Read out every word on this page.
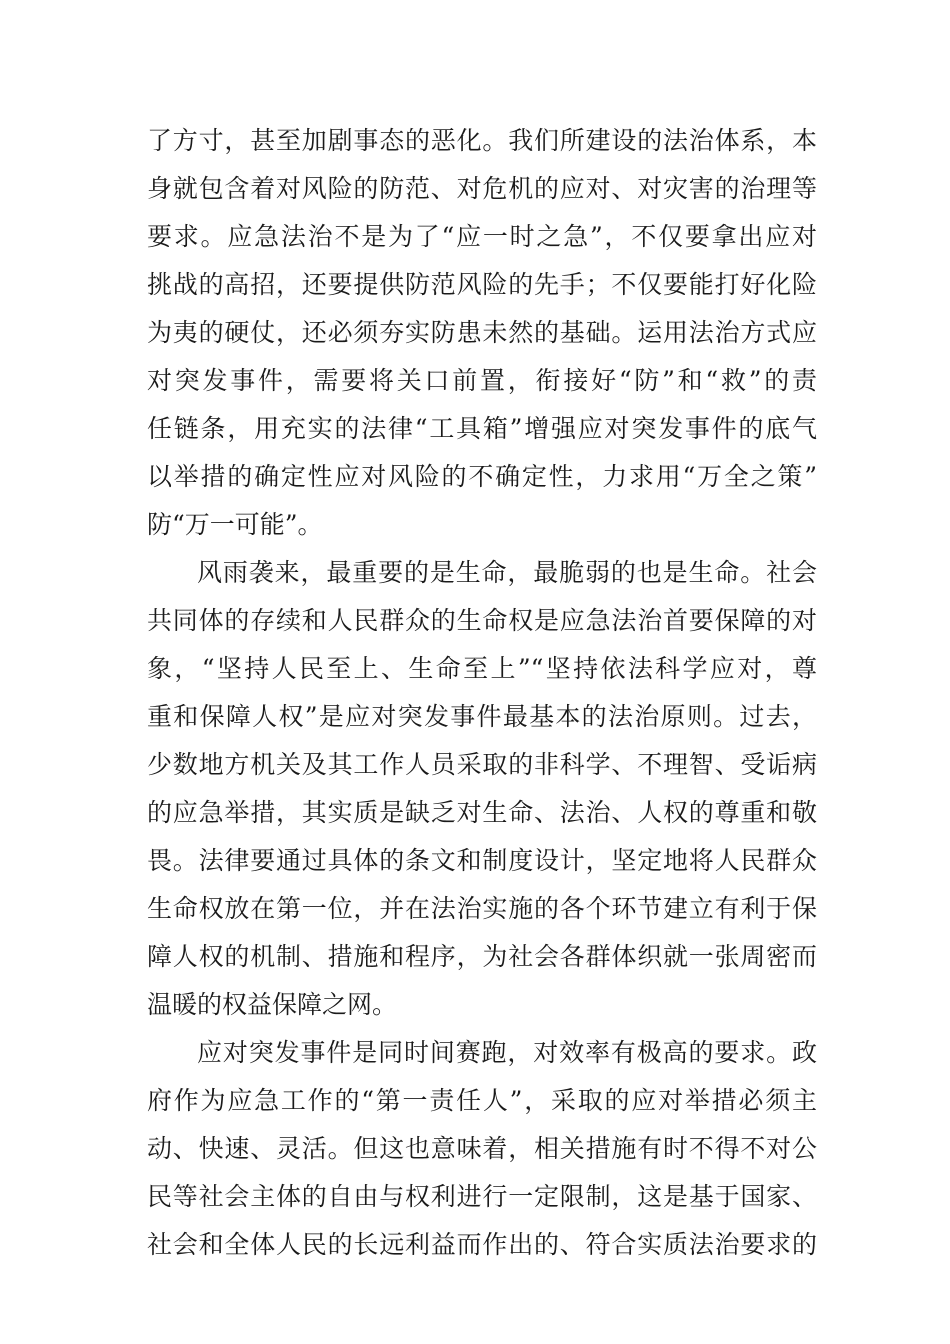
了方寸，甚至加剧事态的恶化。我们所建设的法治体系，本
身就包含着对风险的防范、对危机的应对、对灾害的治理等
要求。应急法治不是为了“应一时之急”，不仅要拿出应对
挑战的高招，还要提供防范风险的先手；不仅要能打好化险
为夷的硬仗，还必须夯实防患未然的基础。运用法治方式应
对突发事件，需要将关口前置，衔接好“防”和“救”的责
任链条，用充实的法律“工具箱”增强应对突发事件的底气
以举措的确定性应对风险的不确定性，力求用“万全之策”
防“万一可能”。
风雨袭来，最重要的是生命，最脆弱的也是生命。社会
共同体的存续和人民群众的生命权是应急法治首要保障的对
象，“坚持人民至上、生命至上”“坚持依法科学应对，尊
重和保障人权”是应对突发事件最基本的法治原则。过去，
少数地方机关及其工作人员采取的非科学、不理智、受诟病
的应急举措，其实质是缺乏对生命、法治、人权的尊重和敬
畏。法律要通过具体的条文和制度设计，坚定地将人民群众
生命权放在第一位，并在法治实施的各个环节建立有利于保
障人权的机制、措施和程序，为社会各群体织就一张周密而
温暖的权益保障之网。
应对突发事件是同时间赛跑，对效率有极高的要求。政
府作为应急工作的“第一责任人”，采取的应对举措必须主
动、快速、灵活。但这也意味着，相关措施有时不得不对公
民等社会主体的自由与权利进行一定限制，这是基于国家、
社会和全体人民的长远利益而作出的、符合实质法治要求的
